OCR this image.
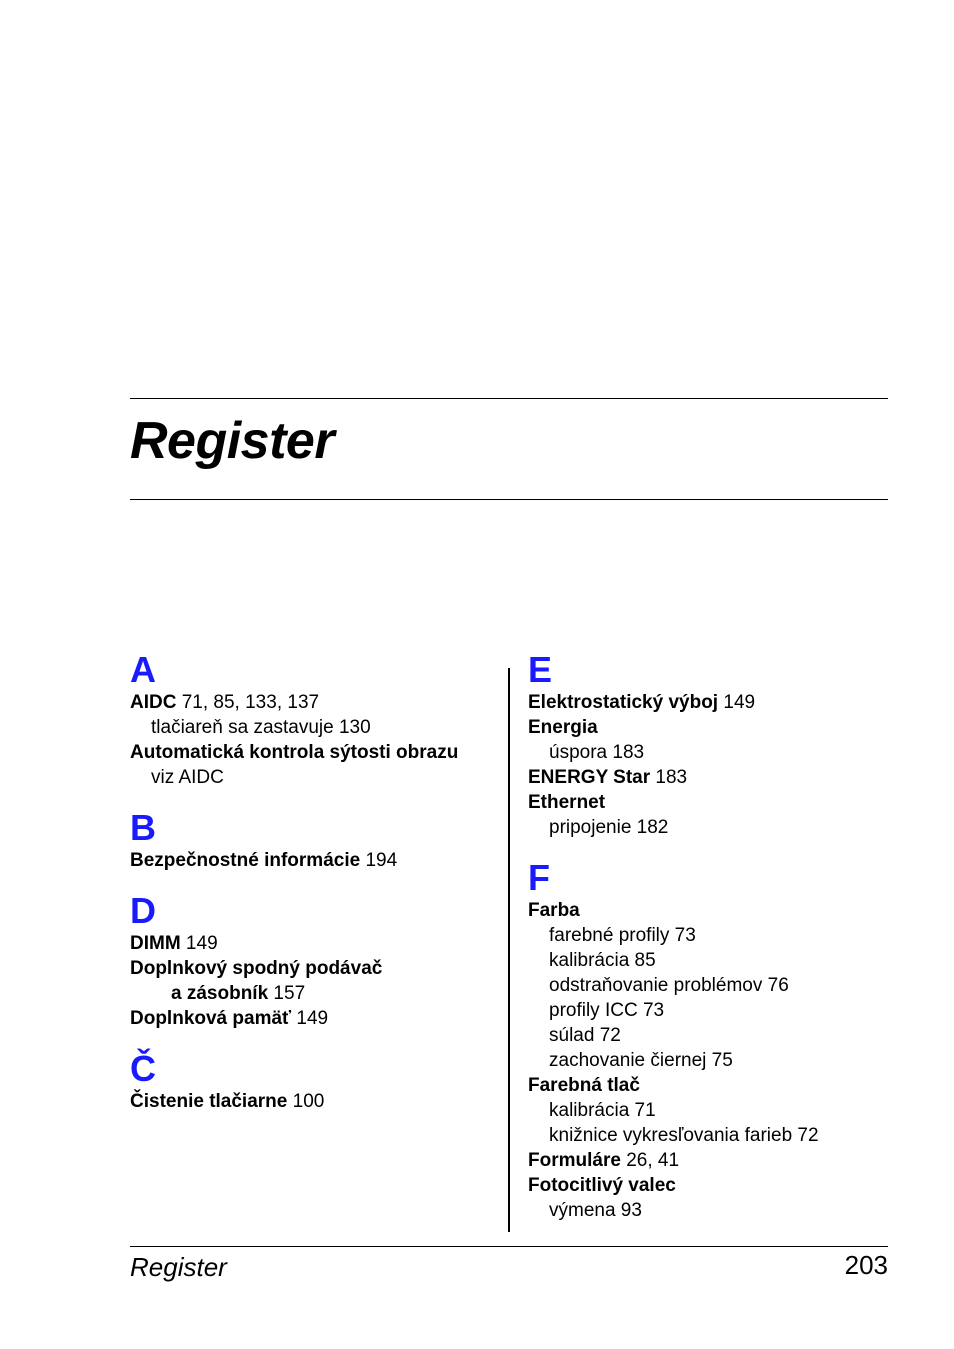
Register
A
AIDC 71, 85, 133, 137
tlačiareň sa zastavuje 130
Automatická kontrola sýtosti obrazu
viz AIDC
B
Bezpečnostné informácie 194
D
DIMM 149
Doplnkový spodný podávač
a zásobník 157
Doplnková pamäť 149
Č
Čistenie tlačiarne 100
E
Elektrostatický výboj 149
Energia
úspora 183
ENERGY Star 183
Ethernet
pripojenie 182
F
Farba
farebné profily 73
kalibrácia 85
odstraňovanie problémov 76
profily ICC 73
súlad 72
zachovanie čiernej 75
Farebná tlač
kalibrácia 71
knižnice vykresľovania farieb 72
Formuláre 26, 41
Fotocitlivý valec
výmena 93
Register	203
